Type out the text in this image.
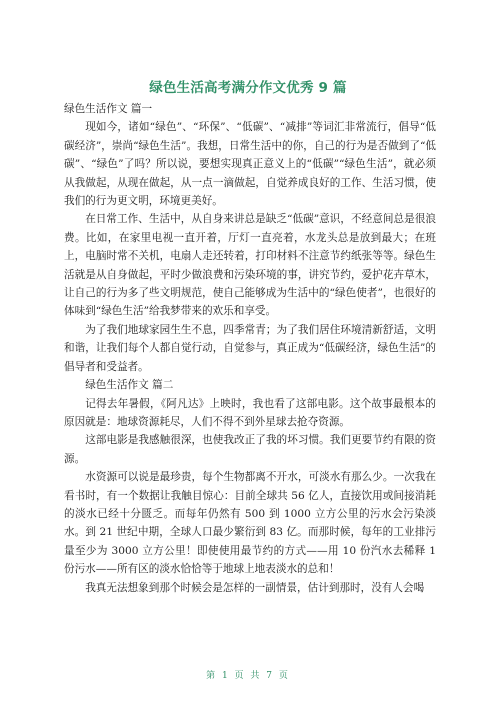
绿色生活高考满分作文优秀 9 篇

绿色生活作文 篇一

现如今，诸如“绿色”、“环保”、“低碳”、“减排”等词汇非常流行，倡导“低碳经济”，崇尚“绿色生活”。我想，日常生活中的你，自己的行为是否做到了“低碳”、“绿色”了吗？所以说，要想实现真正意义上的“低碳”“绿色生活”，就必须从我做起，从现在做起，从一点一滴做起，自觉养成良好的工作、生活习惯，使我们的行为更文明，环境更美好。

在日常工作、生活中，从自身来讲总是缺乏“低碳”意识，不经意间总是很浪费。比如，在家里电视一直开着，厅灯一直亮着，水龙头总是放到最大；在班上，电脑时常不关机，电扇人走还转着，打印材料不注意节约纸张等等。绿色生活就是从自身做起，平时少做浪费和污染环境的事，讲究节约，爱护花卉草木，让自己的行为多了些文明规范，使自己能够成为生活中的“绿色使者”，也很好的体味到“绿色生活”给我梦带来的欢乐和享受。

为了我们地球家园生生不息，四季常青；为了我们居住环境清新舒适，文明和谐，让我们每个人都自觉行动，自觉参与，真正成为“低碳经济，绿色生活”的倡导者和受益者。

绿色生活作文 篇二

记得去年暑假，《阿凡达》上映时，我也看了这部电影。这个故事最根本的原因就是：地球资源耗尽，人们不得不到外星球去抢夺资源。

这部电影是我感触很深，也使我改正了我的坏习惯。我们更要节约有限的资源。

水资源可以说是最珍贵，每个生物都离不开水，可淡水有那么少。一次我在看书时，有一个数据让我触目惊心：目前全球共 56 亿人，直接饮用或间接消耗的淡水已经十分匮乏。而每年仍然有 500 到 1000 立方公里的污水会污染淡水。到 21 世纪中期，全球人口最少繁衍到 83 亿。而那时候，每年的工业排污量至少为 3000 立方公里！即使使用最节约的方式——用 10 份汽水去稀释 1 份污水——所有区的淡水恰恰等于地球上地表淡水的总和！

我真无法想象到那个时候会是怎样的一副情景，估计到那时，没有人会喝

第 1 页 共 7 页
